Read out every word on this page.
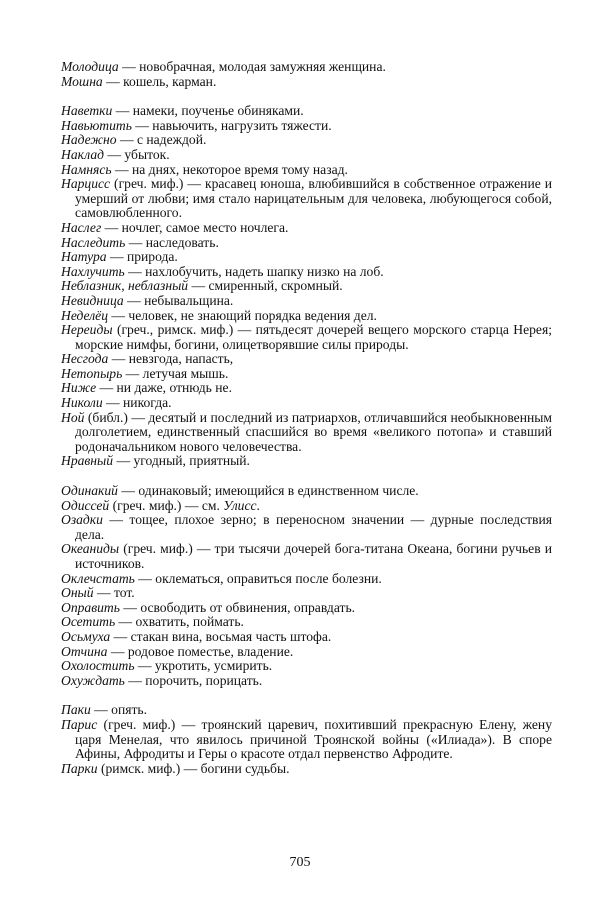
Молодица — новобрачная, молодая замужняя женщина.
Мошна — кошель, карман.
Наветки — намеки, поученье обиняками.
Навьютить — навьючить, нагрузить тяжести.
Надежно — с надеждой.
Наклад — убыток.
Намнясь — на днях, некоторое время тому назад.
Нарцисс (греч. миф.) — красавец юноша, влюбившийся в собственное отражение и умерший от любви; имя стало нарицательным для человека, любующегося собой, самовлюбленного.
Наслег — ночлег, самое место ночлега.
Наследить — наследовать.
Натура — природа.
Нахлучить — нахлобучить, надеть шапку низко на лоб.
Неблазник, неблазный — смиренный, скромный.
Невидница — небывальщина.
Неделёц — человек, не знающий порядка ведения дел.
Нереиды (греч., римск. миф.) — пятьдесят дочерей вещего морского старца Нерея; морские нимфы, богини, олицетворявшие силы природы.
Несгода — невзгода, напасть,
Нетопырь — летучая мышь.
Ниже — ни даже, отнюдь не.
Николи — никогда.
Ной (библ.) — десятый и последний из патриархов, отличавшийся необыкновенным долголетием, единственный спасшийся во время «великого потопа» и ставший родоначальником нового человечества.
Нравный — угодный, приятный.
Одинакий — одинаковый; имеющийся в единственном числе.
Одиссей (греч. миф.) — см. Улисс.
Озадки — тощее, плохое зерно; в переносном значении — дурные последствия дела.
Океаниды (греч. миф.) — три тысячи дочерей бога-титана Океана, богини ручьев и источников.
Оклечстать — оклематься, оправиться после болезни.
Оный — тот.
Оправить — освободить от обвинения, оправдать.
Осетить — охватить, поймать.
Осьмуха — стакан вина, восьмая часть штофа.
Отчина — родовое поместье, владение.
Охолостить — укротить, усмирить.
Охуждать — порочить, порицать.
Паки — опять.
Парис (греч. миф.) — троянский царевич, похитивший прекрасную Елену, жену царя Менелая, что явилось причиной Троянской войны («Илиада»). В споре Афины, Афродиты и Геры о красоте отдал первенство Афродите.
Парки (римск. миф.) — богини судьбы.
705
